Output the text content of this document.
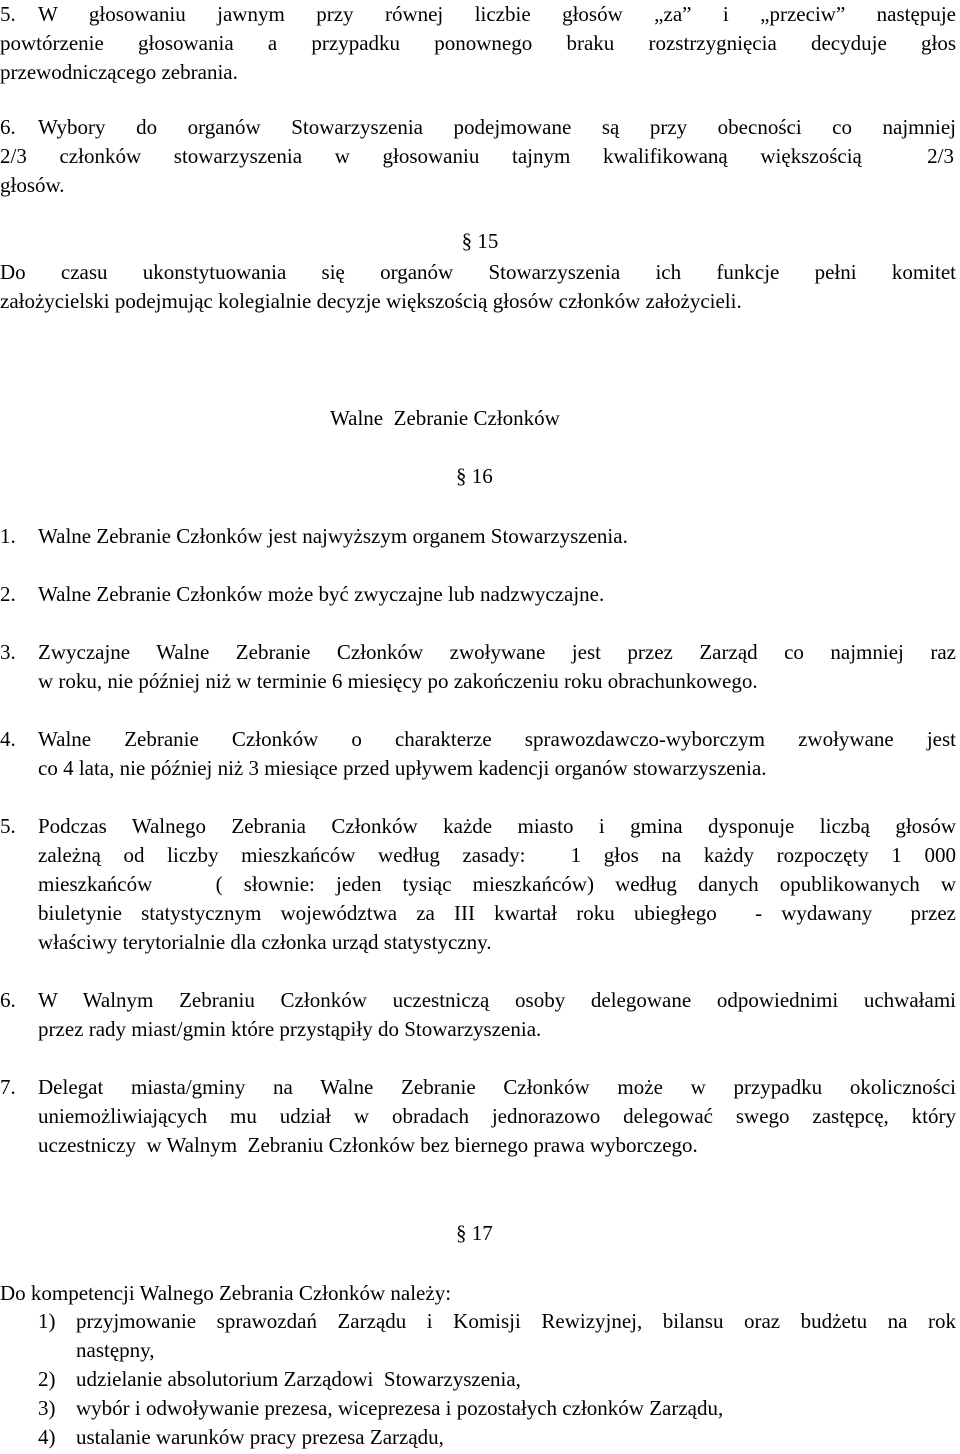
5. W głosowaniu jawnym przy równej liczbie głosów „za” i „przeciw” następuje
powtórzenie głosowania a przypadku ponownego braku rozstrzygnięcia decyduje głos
przewodniczącego zebrania.
6. Wybory do organów Stowarzyszenia podejmowane są przy obecności co najmniej
2/3 członków stowarzyszenia w głosowaniu tajnym kwalifikowaną większością  2/3
głosów.
§ 15
Do czasu ukonstytuowania się organów Stowarzyszenia ich funkcje pełni komitet
założycielski podejmując kolegialnie decyzje większością głosów członków założycieli.
Walne  Zebranie Członków
§ 16
1. Walne Zebranie Członków jest najwyższym organem Stowarzyszenia.
2. Walne Zebranie Członków może być zwyczajne lub nadzwyczajne.
3. Zwyczajne Walne Zebranie Członków zwoływane jest przez Zarząd co najmniej raz
w roku, nie później niż w terminie 6 miesięcy po zakończeniu roku obrachunkowego.
4. Walne Zebranie Członków o charakterze sprawozdawczo-wyborczym zwoływane jest
co 4 lata, nie później niż 3 miesiące przed upływem kadencji organów stowarzyszenia.
5. Podczas Walnego Zebrania Członków każde miasto i gmina dysponuje liczbą głosów
zależną od liczby mieszkańców według zasady:  1 głos na każdy rozpoczęty 1 000
mieszkańców   ( słownie: jeden tysiąc mieszkańców) według danych opublikowanych w
biuletynie statystycznym województwa za III kwartał roku ubiegłego  - wydawany  przez
właściwy terytorialnie dla członka urząd statystyczny.
6. W Walnym Zebraniu Członków uczestniczą osoby delegowane odpowiednimi uchwałami
przez rady miast/gmin które przystąpiły do Stowarzyszenia.
7. Delegat miasta/gminy na Walne Zebranie Członków może w przypadku okoliczności
uniemożliwiających mu udział w obradach jednorazowo delegować swego zastępcę, który
uczestniczy  w Walnym  Zebraniu Członków bez biernego prawa wyborczego.
§ 17
Do kompetencji Walnego Zebrania Członków należy:
1) przyjmowanie sprawozdań Zarządu i Komisji Rewizyjnej, bilansu oraz budżetu na rok
następny,
2) udzielanie absolutorium Zarządowi  Stowarzyszenia,
3) wybór i odwoływanie prezesa, wiceprezesa i pozostałych członków Zarządu,
4) ustalanie warunków pracy prezesa Zarządu,
